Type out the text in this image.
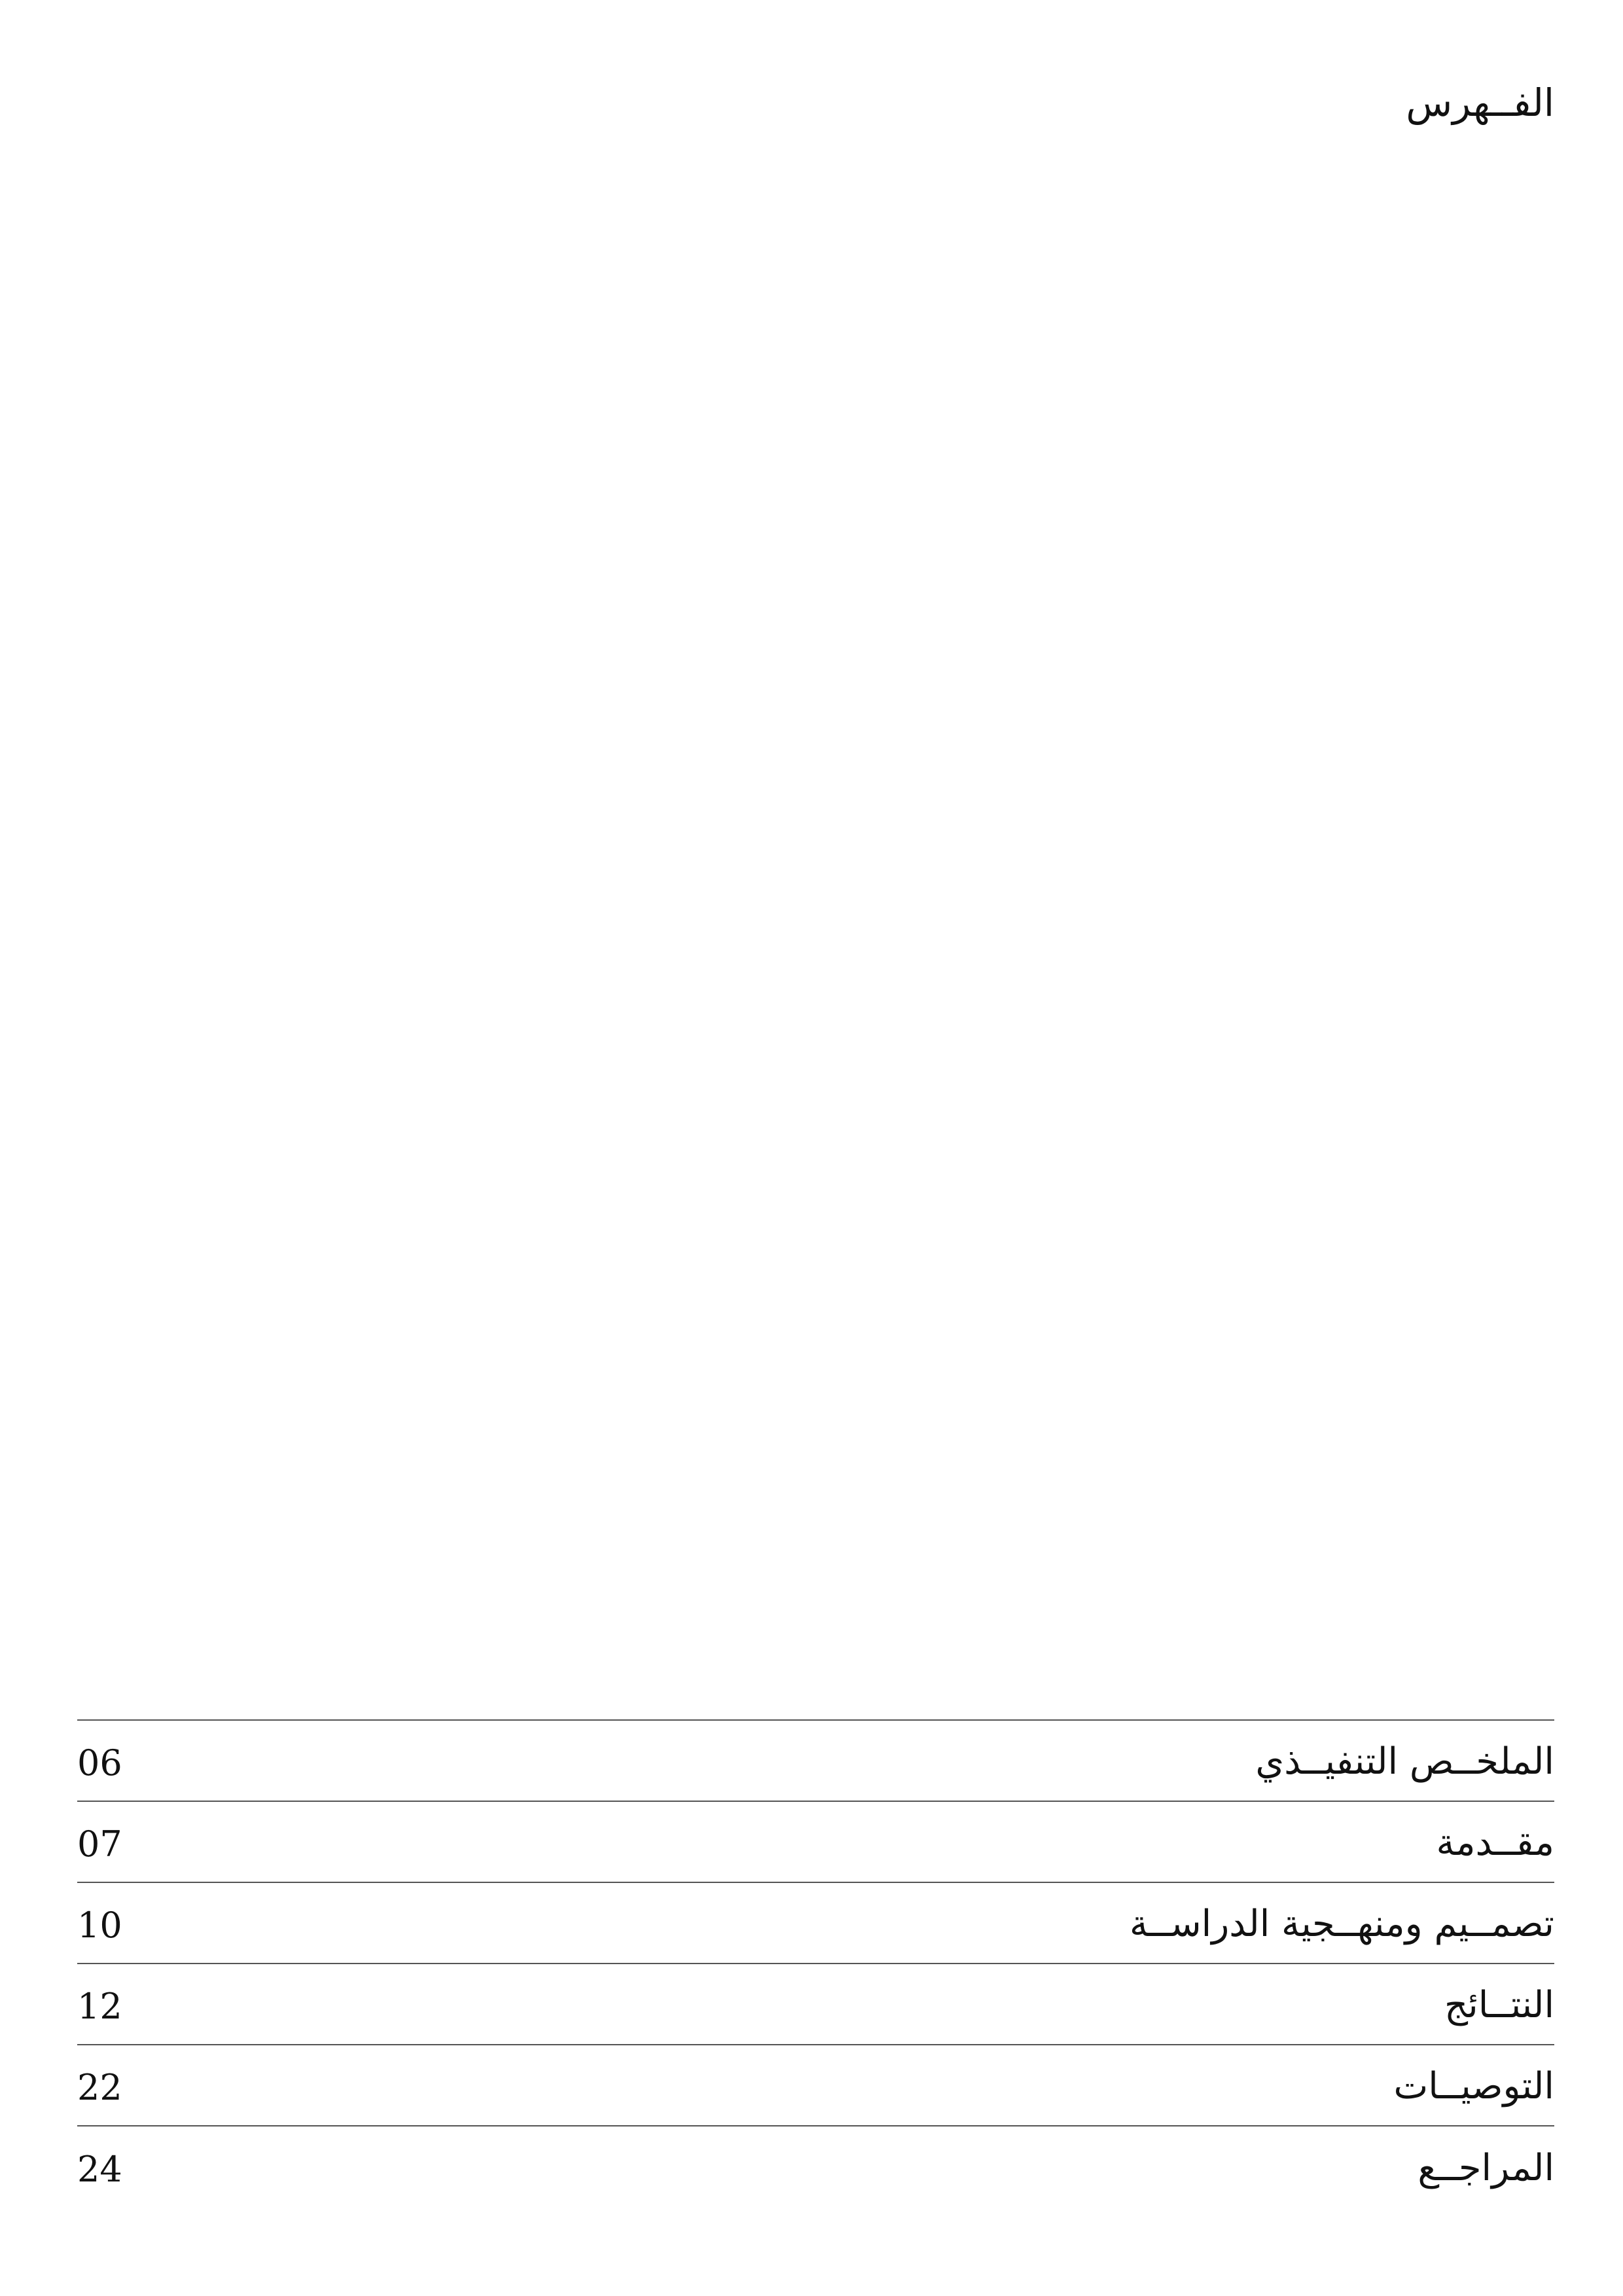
الفــهرس
06	الملخــص التنفيــذي
07	مقــدمة
10	تصمــيم ومنهــجية الدراســة
12	النتــائج
22	التوصيــات
24	المراجــع
